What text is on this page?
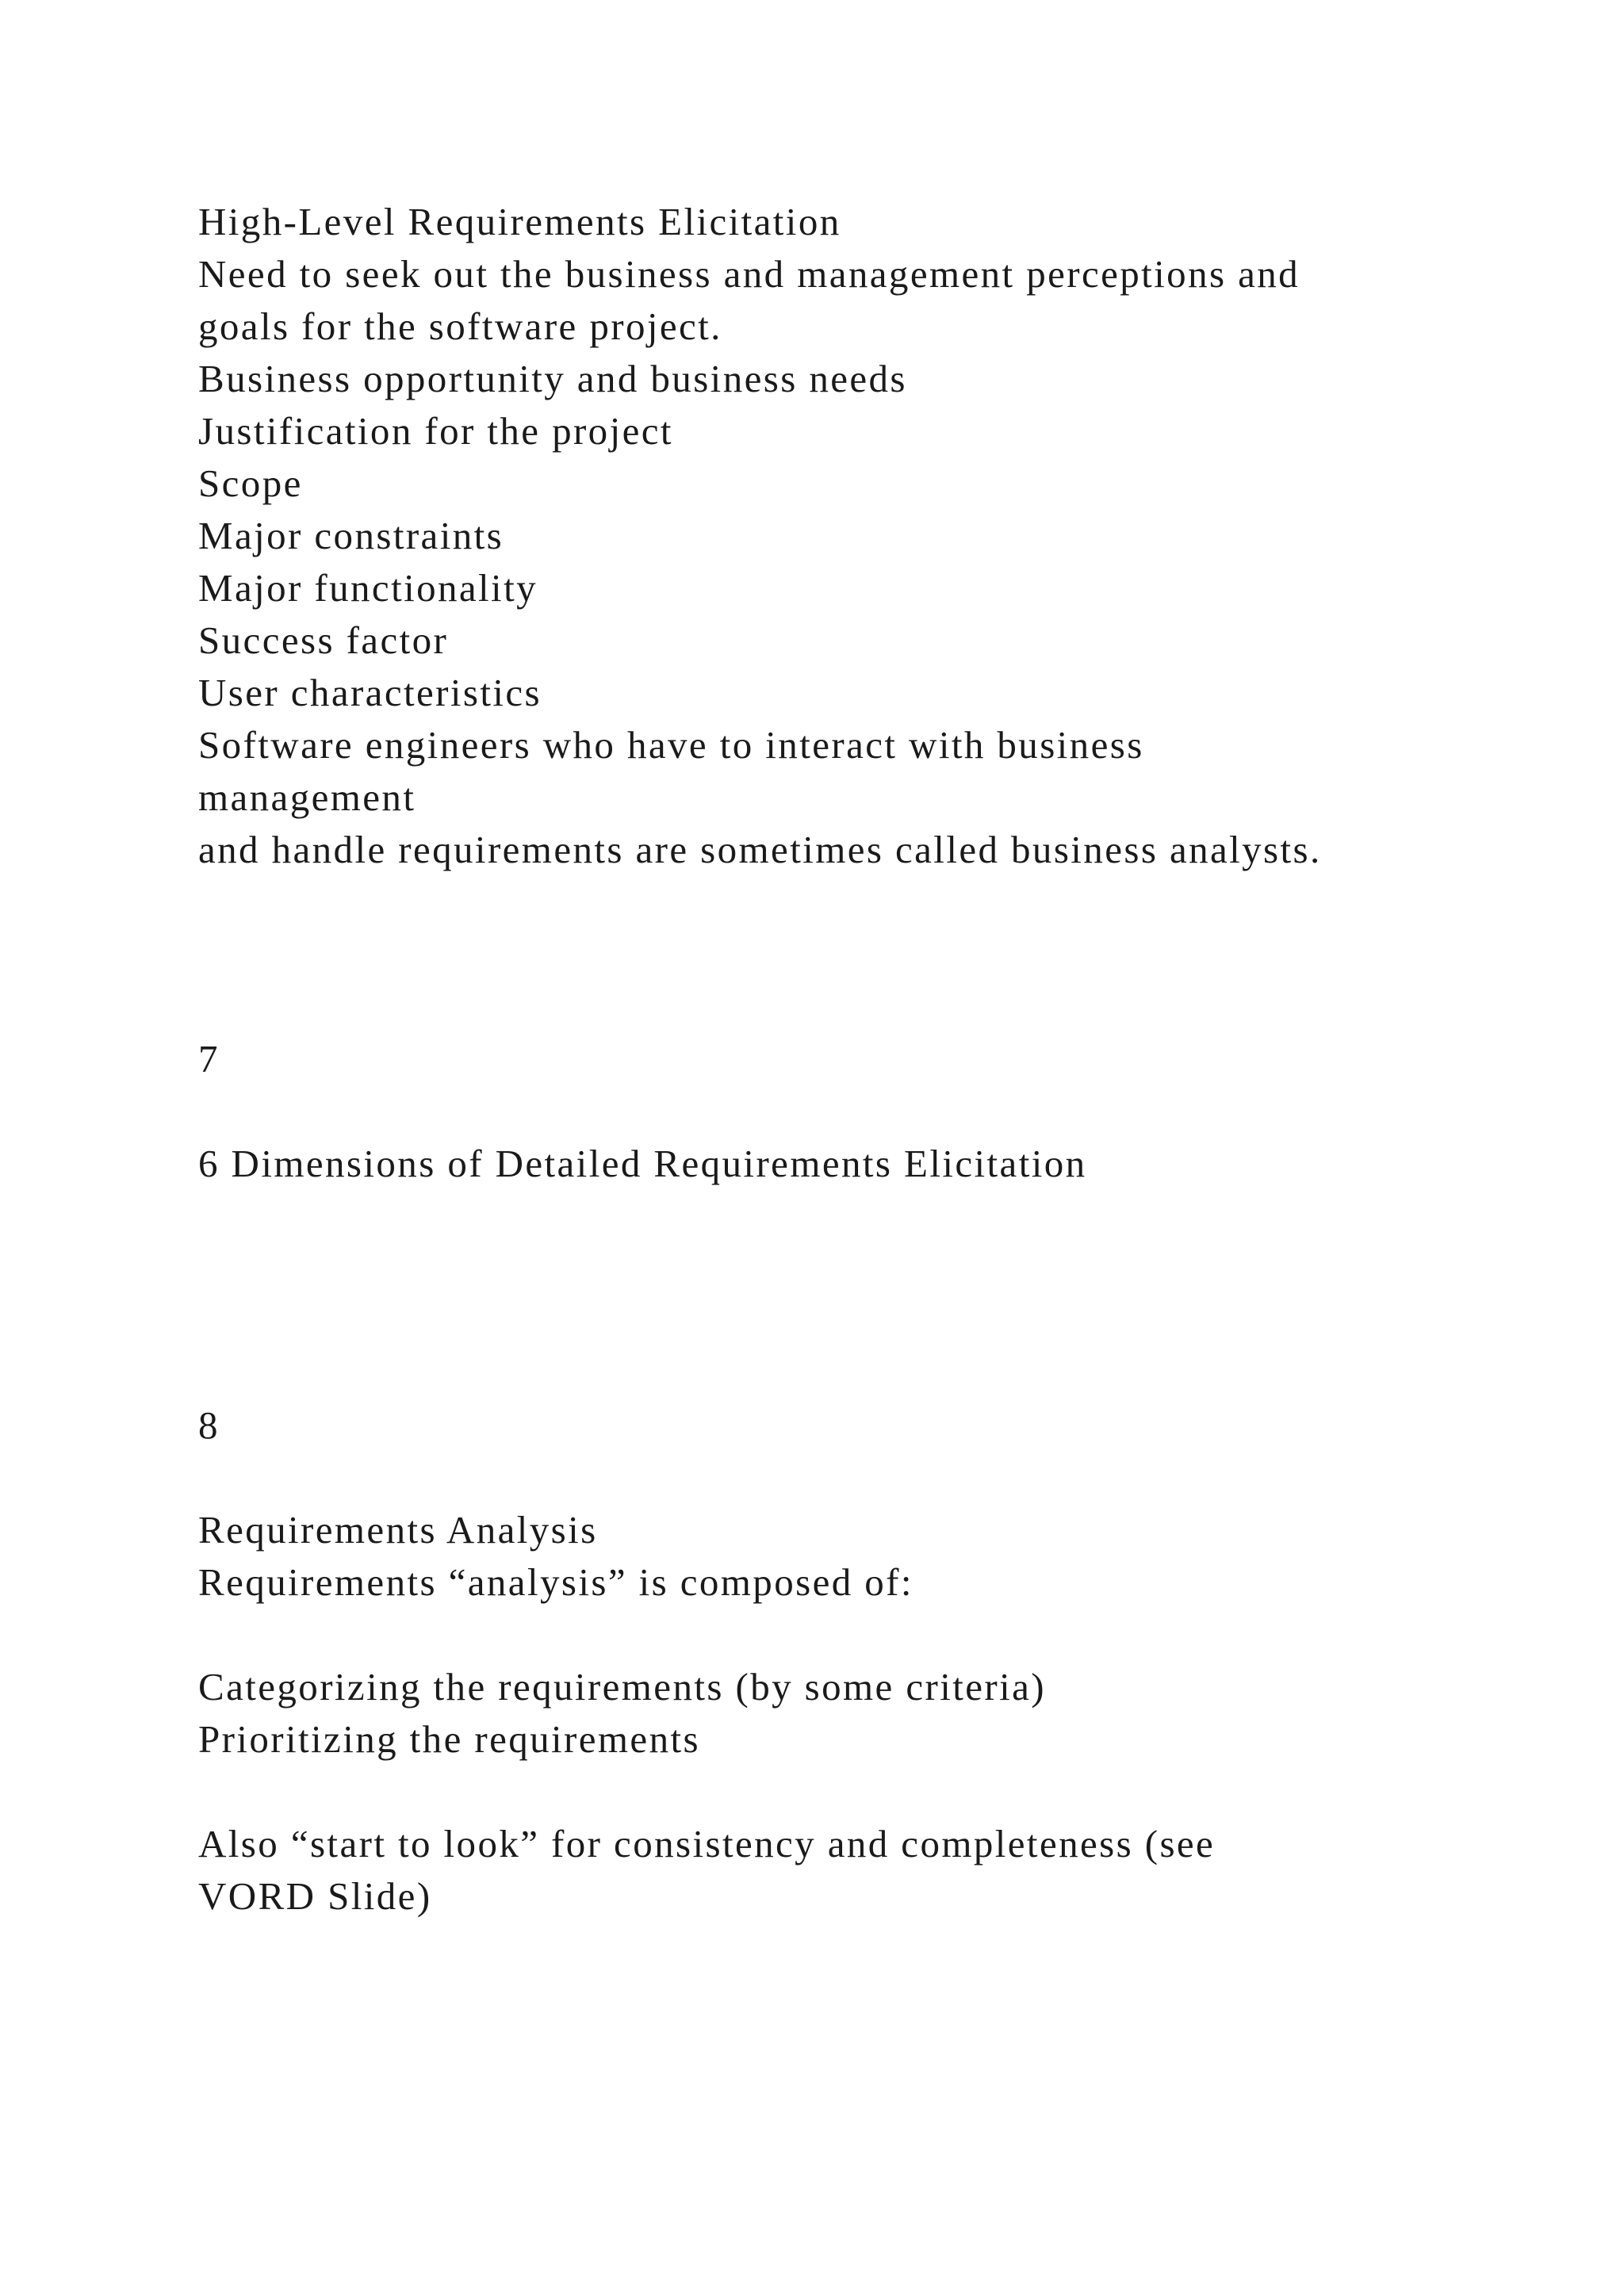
High-Level Requirements Elicitation
Need to seek out the business and management perceptions and
goals for the software project.
Business opportunity and business needs
Justification for the project
Scope
Major constraints
Major functionality
Success factor
User characteristics
Software engineers who have to interact with business
management
and handle requirements are sometimes called business analysts.
7
6 Dimensions of Detailed Requirements Elicitation
8
Requirements Analysis
Requirements “analysis” is composed of:
Categorizing the requirements (by some criteria)
Prioritizing the requirements
Also “start to look” for consistency and completeness (see
VORD Slide)
